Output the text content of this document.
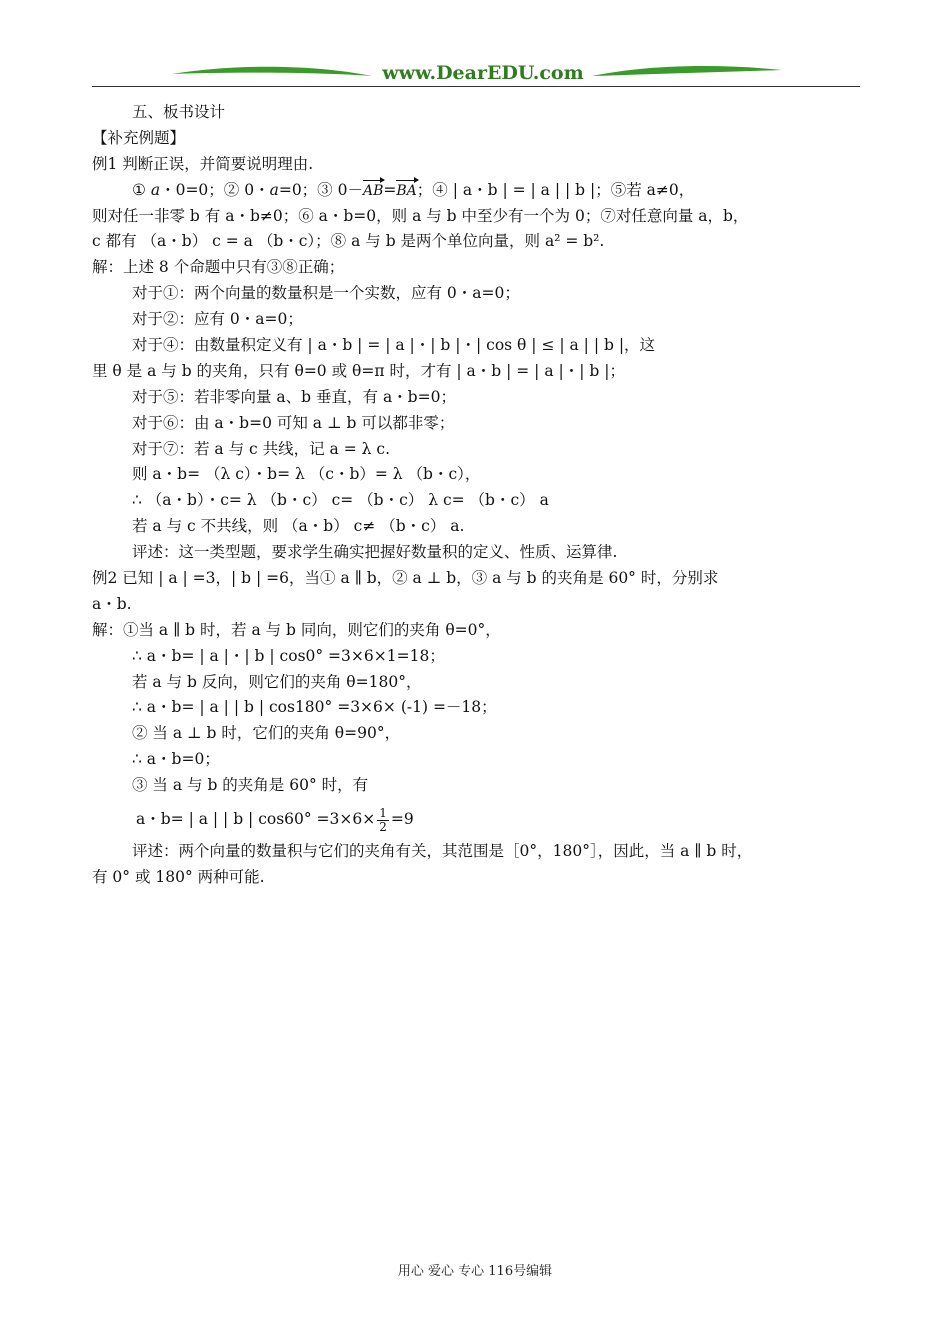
www.DearEDU.com
五、板书设计
【补充例题】
例1 判断正误，并简要说明理由.
① a・0=0；② 0・a=0；③ 0－AB=BA；④ | a・b | = | a | | b |；⑤若 a≠0，
则对任一非零 b 有 a・b≠0；⑥ a・b=0，则 a 与 b 中至少有一个为 0；⑦对任意向量 a，b，
c 都有 （a・b） c = a （b・c）；⑧ a 与 b 是两个单位向量，则 a² = b².
解：上述 8 个命题中只有③⑧正确；
对于①：两个向量的数量积是一个实数，应有 0・a=0；
对于②：应有 0・a=0；
对于④：由数量积定义有 | a・b | = | a |・| b |・| cos θ | ≤ | a | | b |，这
里 θ 是 a 与 b 的夹角，只有 θ=0 或 θ=π 时，才有 | a・b | = | a |・| b |；
对于⑤：若非零向量 a、b 垂直，有 a・b=0；
对于⑥：由 a・b=0 可知 a ⊥ b 可以都非零；
对于⑦：若 a 与 c 共线，记 a = λ c.
则 a・b= （λ c）・b= λ （c・b）= λ （b・c），
∴ （a・b）・c= λ （b・c） c= （b・c） λ c= （b・c） a
若 a 与 c 不共线，则 （a・b） c≠ （b・c） a.
评述：这一类型题，要求学生确实把握好数量积的定义、性质、运算律.
例2 已知 | a | =3，| b | =6，当① a ∥ b，② a ⊥ b，③ a 与 b 的夹角是 60° 时，分别求
a・b.
解：①当 a ∥ b 时，若 a 与 b 同向，则它们的夹角 θ=0°，
∴ a・b= | a |・| b | cos0° =3×6×1=18；
若 a 与 b 反向，则它们的夹角 θ=180°，
∴ a・b= | a | | b | cos180° =3×6× (-1) =－18；
② 当 a ⊥ b 时，它们的夹角 θ=90°，
∴ a・b=0；
③ 当 a 与 b 的夹角是 60° 时，有
a・b= | a | | b | $\cos 60^\circ =3\times 6\times \frac{1}{2} =9$
评述：两个向量的数量积与它们的夹角有关，其范围是［0°，180°］，因此，当 a ∥ b 时，
有 0° 或 180° 两种可能.
用心 爱心 专心 116号编辑
